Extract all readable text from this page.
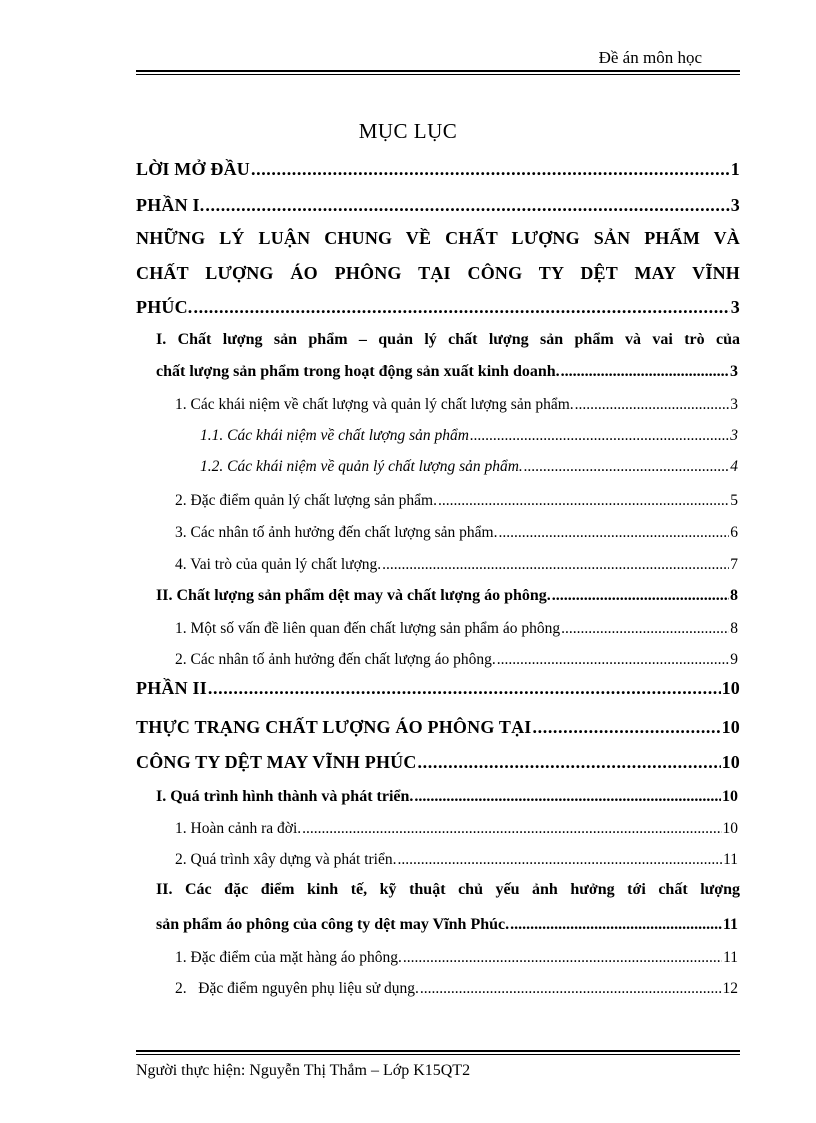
Đề án môn học
MỤC LỤC
LỜI MỞ ĐẦU .....	1
PHẦN I. .....	3
NHỮNG LÝ LUẬN CHUNG VỀ CHẤT LƯỢNG SẢN PHẨM VÀ
CHẤT LƯỢNG ÁO PHÔNG TẠI CÔNG TY DỆT MAY VĨNH
PHÚC. .....	3
I. Chất lượng sản phẩm – quản lý chất lượng sản phẩm và vai trò của
chất lượng sản phẩm trong hoạt động sản xuất kinh doanh. .....	3
1. Các khái niệm về chất lượng và quản lý chất lượng sản phẩm. .....	3
1.1. Các khái niệm về chất lượng sản phẩm .....	3
1.2. Các khái niệm về quản lý chất lượng sản phẩm. .....	4
2. Đặc điểm quản lý chất lượng sản phẩm. .....	5
3. Các nhân tố ảnh hưởng đến chất lượng sản phẩm. .....	6
4. Vai trò của quản lý chất lượng. .....	7
II. Chất lượng sản phẩm dệt may và chất lượng áo phông. .....	8
1. Một số vấn đề liên quan đến chất lượng sản phẩm áo phông .....	8
2. Các nhân tố ảnh hưởng đến chất lượng áo phông. .....	9
PHẦN II .....	10
THỰC TRẠNG CHẤT LƯỢNG ÁO PHÔNG TẠI .....	10
CÔNG TY DỆT MAY VĨNH PHÚC .....	10
I. Quá trình hình thành và phát triển. .....	10
1. Hoàn cảnh ra đời. .....	10
2. Quá trình xây dựng và phát triển. .....	11
II. Các đặc điểm kinh tế, kỹ thuật chủ yếu ảnh hưởng tới chất lượng
sản phẩm áo phông của công ty dệt may Vĩnh Phúc. .....	11
1. Đặc điểm của mặt hàng áo phông. .....	11
2.   Đặc điểm nguyên phụ liệu sử dụng. .....	12
Người thực hiện: Nguyễn Thị Thắm – Lớp K15QT2
